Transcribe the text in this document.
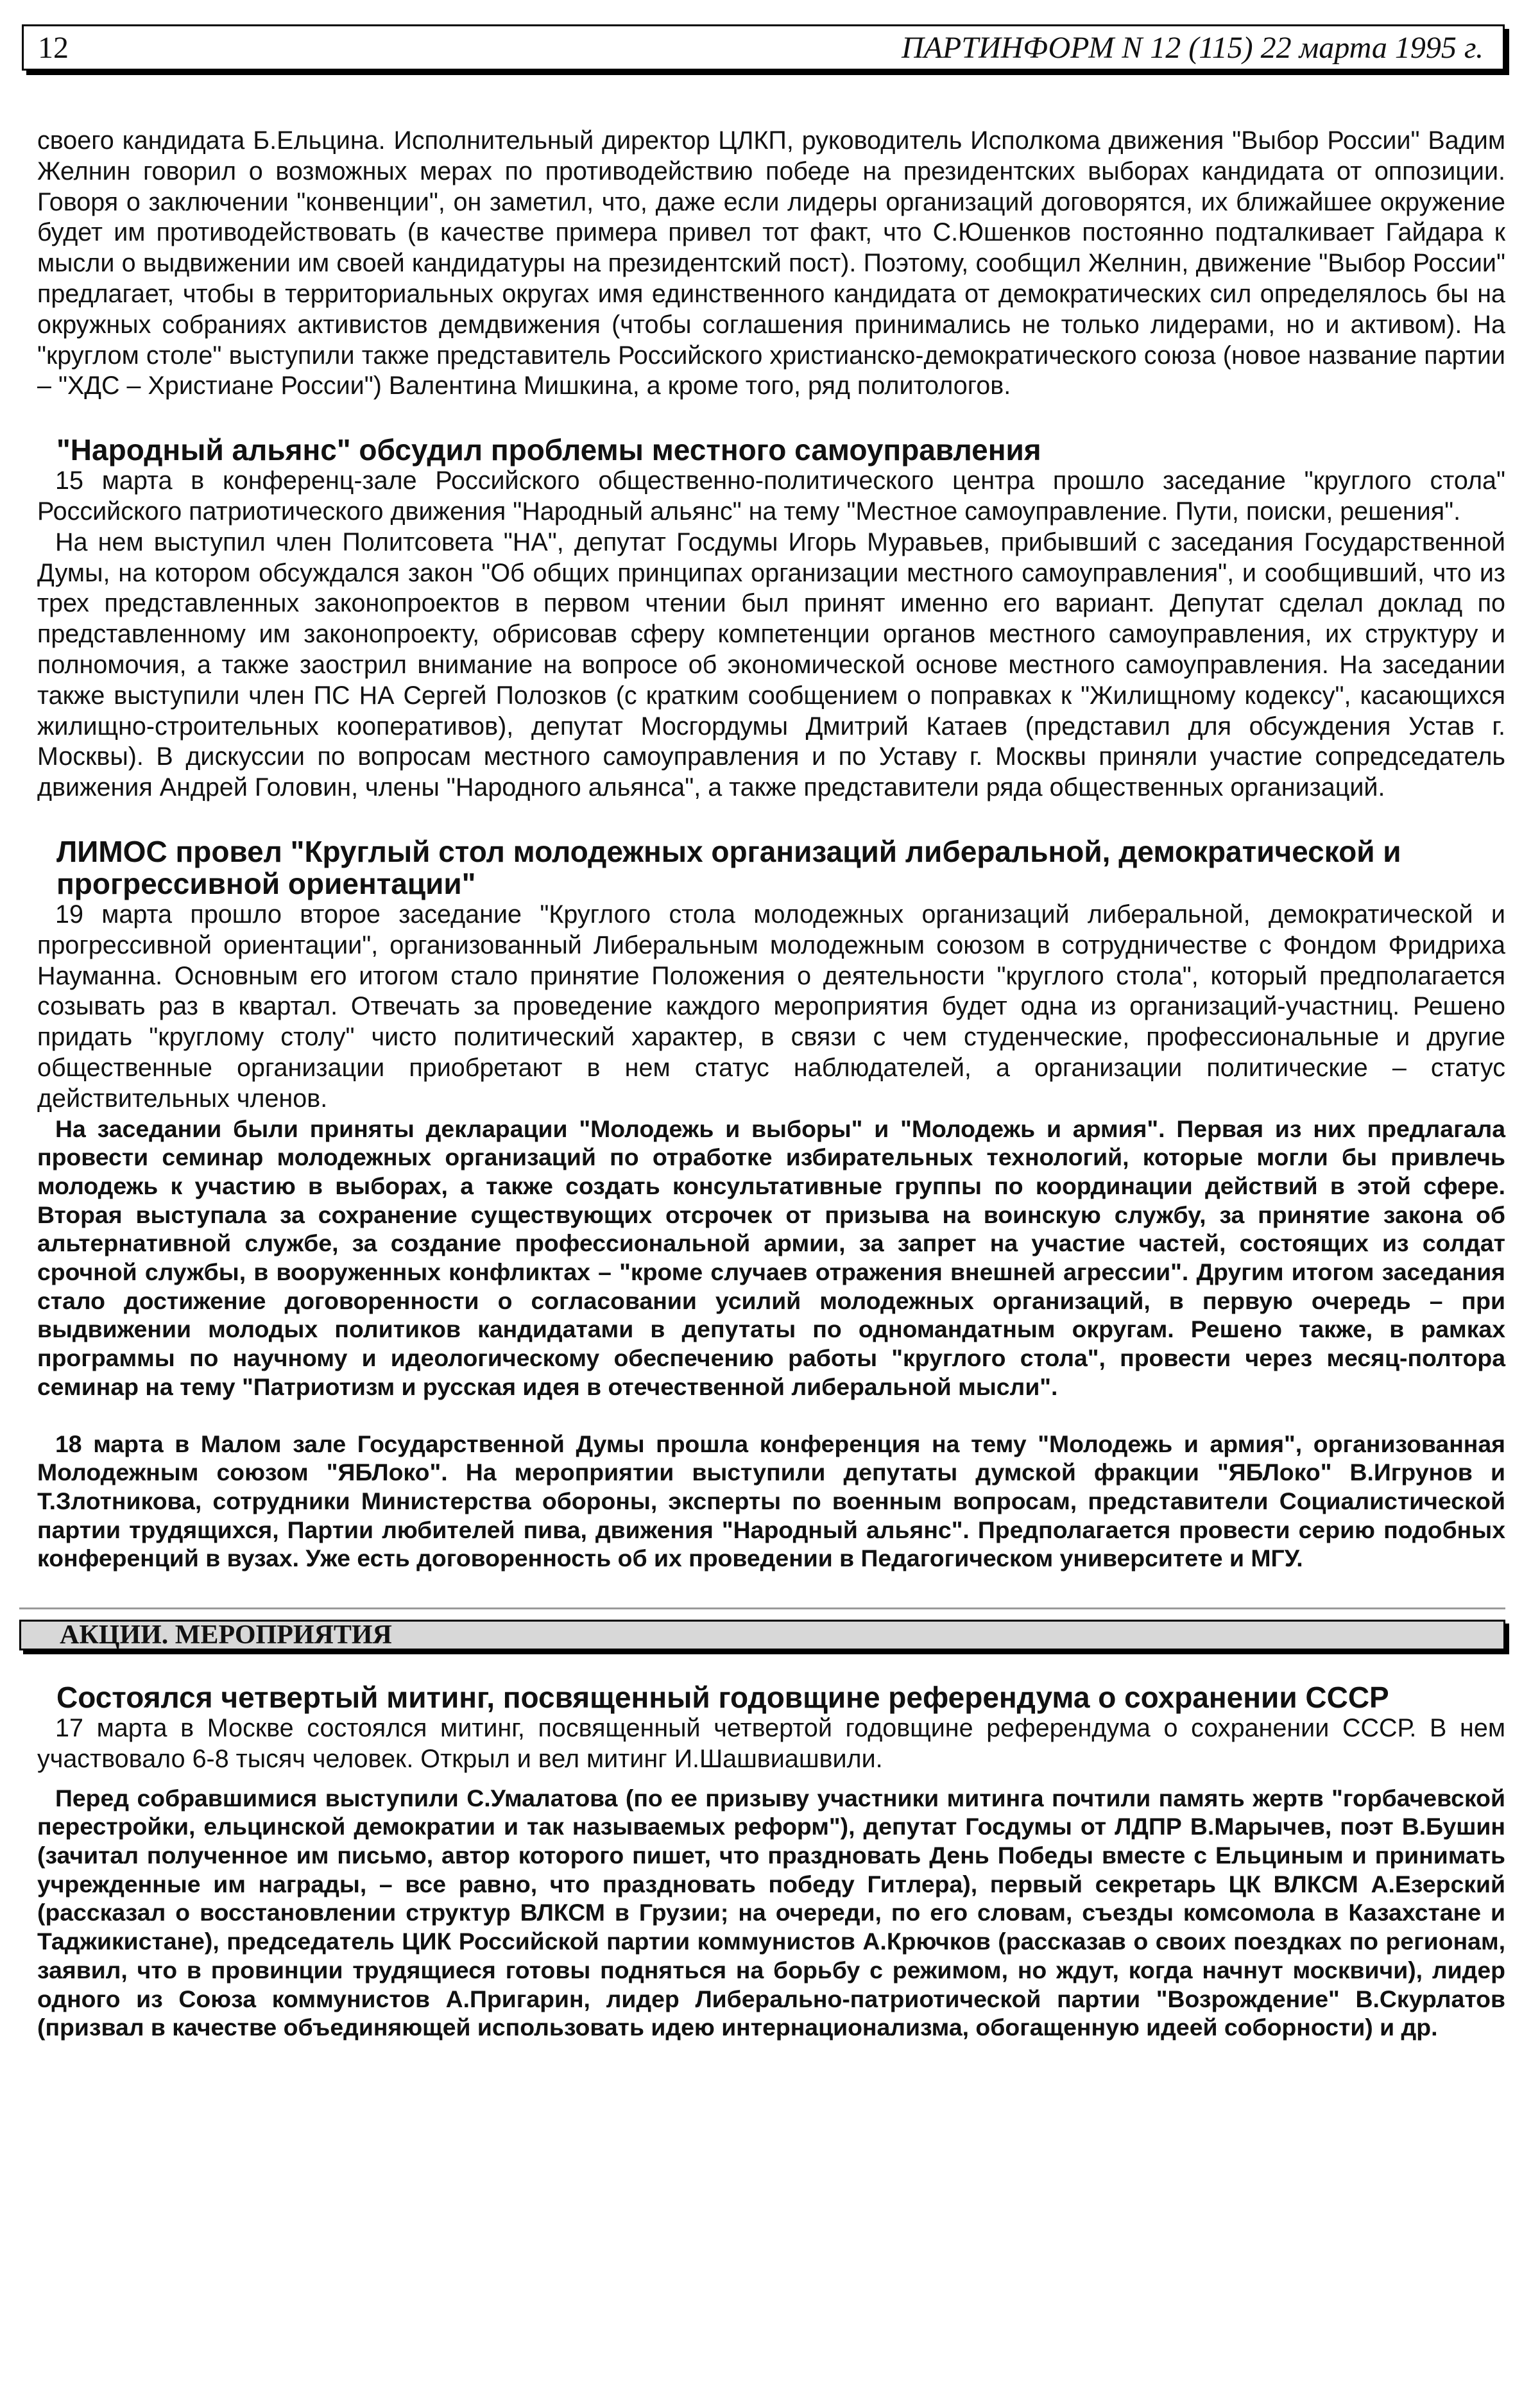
12	ПАРТИНФОРМ N 12 (115) 22 марта 1995 г.

своего кандидата Б.Ельцина. Исполнительный директор ЦЛКП, руководитель Исполкома движения "Выбор России" Вадим Желнин говорил о возможных мерах по противодействию победе на президентских выборах кандидата от оппозиции. Говоря о заключении "конвенции", он заметил, что, даже если лидеры организаций договорятся, их ближайшее окружение будет им противодействовать (в качестве примера привел тот факт, что С.Юшенков постоянно подталкивает Гайдара к мысли о выдвижении им своей кандидатуры на президентский пост). Поэтому, сообщил Желнин, движение "Выбор России" предлагает, чтобы в территориальных округах имя единственного кандидата от демократических сил определялось бы на окружных собраниях активистов демдвижения (чтобы соглашения принимались не только лидерами, но и активом). На "круглом столе" выступили также представитель Российского христианско-демократического союза (новое название партии – "ХДС – Христиане России") Валентина Мишкина, а кроме того, ряд политологов.

"Народный альянс" обсудил проблемы местного самоуправления

15 марта в конференц-зале Российского общественно-политического центра прошло заседание "круглого стола" Российского патриотического движения "Народный альянс" на тему "Местное самоуправление. Пути, поиски, решения".

На нем выступил член Политсовета "НА", депутат Госдумы Игорь Муравьев, прибывший с заседания Государственной Думы, на котором обсуждался закон "Об общих принципах организации местного самоуправления", и сообщивший, что из трех представленных законопроектов в первом чтении был принят именно его вариант. Депутат сделал доклад по представленному им законопроекту, обрисовав сферу компетенции органов местного самоуправления, их структуру и полномочия, а также заострил внимание на вопросе об экономической основе местного самоуправления. На заседании также выступили член ПС НА Сергей Полозков (с кратким сообщением о поправках к "Жилищному кодексу", касающихся жилищно-строительных кооперативов), депутат Мосгордумы Дмитрий Катаев (представил для обсуждения Устав г. Москвы). В дискуссии по вопросам местного самоуправления и по Уставу г. Москвы приняли участие сопредседатель движения Андрей Головин, члены "Народного альянса", а также представители ряда общественных организаций.

ЛИМОС провел "Круглый стол молодежных организаций либеральной, демократической и прогрессивной ориентации"

19 марта прошло второе заседание "Круглого стола молодежных организаций либеральной, демократической и прогрессивной ориентации", организованный Либеральным молодежным союзом в сотрудничестве с Фондом Фридриха Науманна. Основным его итогом стало принятие Положения о деятельности "круглого стола", который предполагается созывать раз в квартал. Отвечать за проведение каждого мероприятия будет одна из организаций-участниц. Решено придать "круглому столу" чисто политический характер, в связи с чем студенческие, профессиональные и другие общественные организации приобретают в нем статус наблюдателей, а организации политические – статус действительных членов.

На заседании были приняты декларации "Молодежь и выборы" и "Молодежь и армия". Первая из них предлагала провести семинар молодежных организаций по отработке избирательных технологий, которые могли бы привлечь молодежь к участию в выборах, а также создать консультативные группы по координации действий в этой сфере. Вторая выступала за сохранение существующих отсрочек от призыва на воинскую службу, за принятие закона об альтернативной службе, за создание профессиональной армии, за запрет на участие частей, состоящих из солдат срочной службы, в вооруженных конфликтах – "кроме случаев отражения внешней агрессии". Другим итогом заседания стало достижение договоренности о согласовании усилий молодежных организаций, в первую очередь – при выдвижении молодых политиков кандидатами в депутаты по одномандатным округам. Решено также, в рамках программы по научному и идеологическому обеспечению работы "круглого стола", провести через месяц-полтора семинар на тему "Патриотизм и русская идея в отечественной либеральной мысли".

18 марта в Малом зале Государственной Думы прошла конференция на тему "Молодежь и армия", организованная Молодежным союзом "ЯБЛоко". На мероприятии выступили депутаты думской фракции "ЯБЛоко" В.Игрунов и Т.Злотникова, сотрудники Министерства обороны, эксперты по военным вопросам, представители Социалистической партии трудящихся, Партии любителей пива, движения "Народный альянс". Предполагается провести серию подобных конференций в вузах. Уже есть договоренность об их проведении в Педагогическом университете и МГУ.

АКЦИИ. МЕРОПРИЯТИЯ
Состоялся четвертый митинг, посвященный годовщине референдума о сохранении СССР

17 марта в Москве состоялся митинг, посвященный четвертой годовщине референдума о сохранении СССР. В нем участвовало 6-8 тысяч человек. Открыл и вел митинг И.Шашвиашвили.

Перед собравшимися выступили С.Умалатова (по ее призыву участники митинга почтили память жертв "горбачевской перестройки, ельцинской демократии и так называемых реформ"), депутат Госдумы от ЛДПР В.Марычев, поэт В.Бушин (зачитал полученное им письмо, автор которого пишет, что праздновать День Победы вместе с Ельциным и принимать учрежденные им награды, – все равно, что праздновать победу Гитлера), первый секретарь ЦК ВЛКСМ А.Езерский (рассказал о восстановлении структур ВЛКСМ в Грузии; на очереди, по его словам, съезды комсомола в Казахстане и Таджикистане), председатель ЦИК Российской партии коммунистов А.Крючков (рассказав о своих поездках по регионам, заявил, что в провинции трудящиеся готовы подняться на борьбу с режимом, но ждут, когда начнут москвичи), лидер одного из Союза коммунистов А.Пригарин, лидер Либерально-патриотической партии "Возрождение" В.Скурлатов (призвал в качестве объединяющей использовать идею интернационализма, обогащенную идеей соборности) и др.
